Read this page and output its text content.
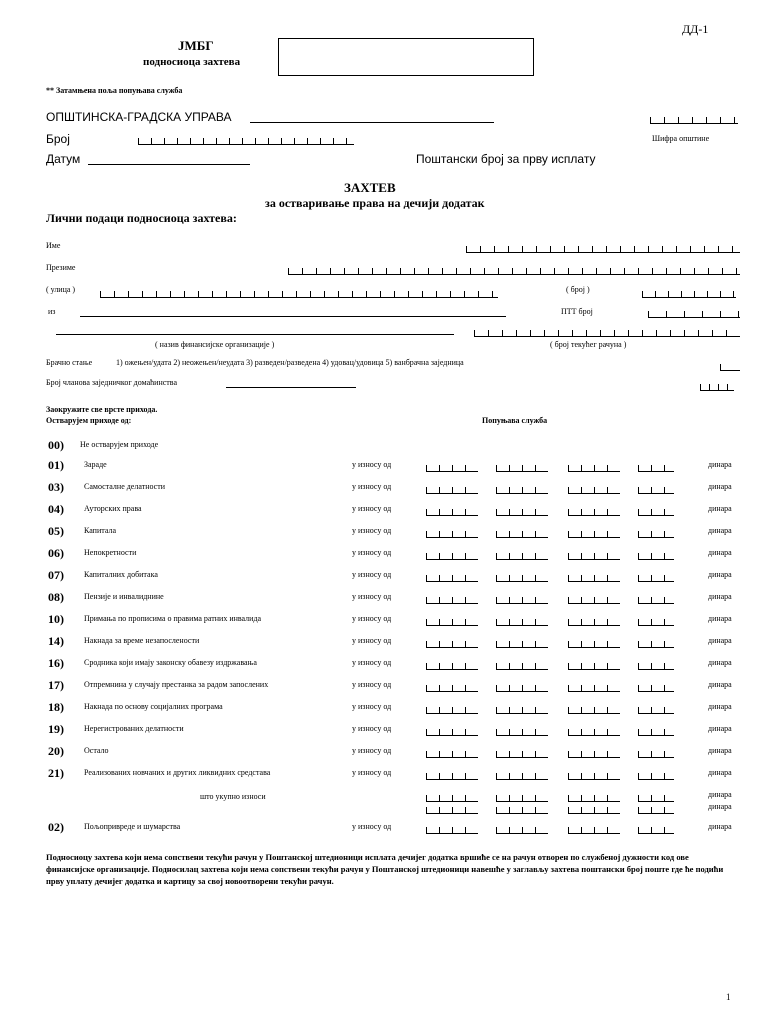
ДД-1
ЈМБГ
подносиоца захтева
** Затамњена поља попуњава служба
ОПШТИНСКА-ГРАДСКА УПРАВА
Број	Шифра општине
Датум	Поштански број за прву исплату
ЗАХТЕВ
за остваривање права на дечији додатак
Лични подаци подносиоца захтева:
Име
Презиме
( улица )	( број )
из	ПТТ број
( назив финансијске организације )	( број текућег рачуна )
Брачно стање	1) ожењен/удата 2) неожењен/неудата 3) разведен/разведена 4) удовац/удовица 5) ванбрачна заједница
Број чланова заједничког домаћинства
Заокружите све врсте прихода.
Остварујем приходе од:	Попуњава служба
00) Не остварујем приходе
01)	Зараде	у износу од	динара
03)	Самосталне делатности	у износу од	динара
04)	Ауторских права	у износу од	динара
05)	Капитала	у износу од	динара
06)	Непокретности	у износу од	динара
07)	Капиталних добитака	у износу од	динара
08)	Пензије и инвалиднине	у износу од	динара
10)	Примања по прописима о правима ратних инвалида	у износу од	динара
14)	Накнада за време незапослености	у износу од	динара
16)	Сродника који имају законску обавезу издржавања	у износу од	динара
17)	Отпремнина у случају престанка за радом запослених	у износу од	динара
18)	Накнада по основу социјалних програма	у износу од	динара
19)	Нерегистрованих делатности	у износу од	динара
20)	Остало	у износу од	динара
21)	Реализованих новчаних и других ликвидних средстава	у износу од	динара
што укупно износи	динара
динара
02)	Пољопривреде и шумарства	у износу од	динара
Подносиоцу захтева који нема сопствени текући рачун у Поштанској штедионици исплата дечијег додатка вршиће се на рачун отворен по службеној дужности код ове финансијске организације. Подносилац захтева који нема сопствени текући рачун у Поштанској штедионици навешће у заглављу захтева поштански број поште где ће подићи прву уплату дечијег додатка и картицу за свој новоотворени текући рачун.
1
